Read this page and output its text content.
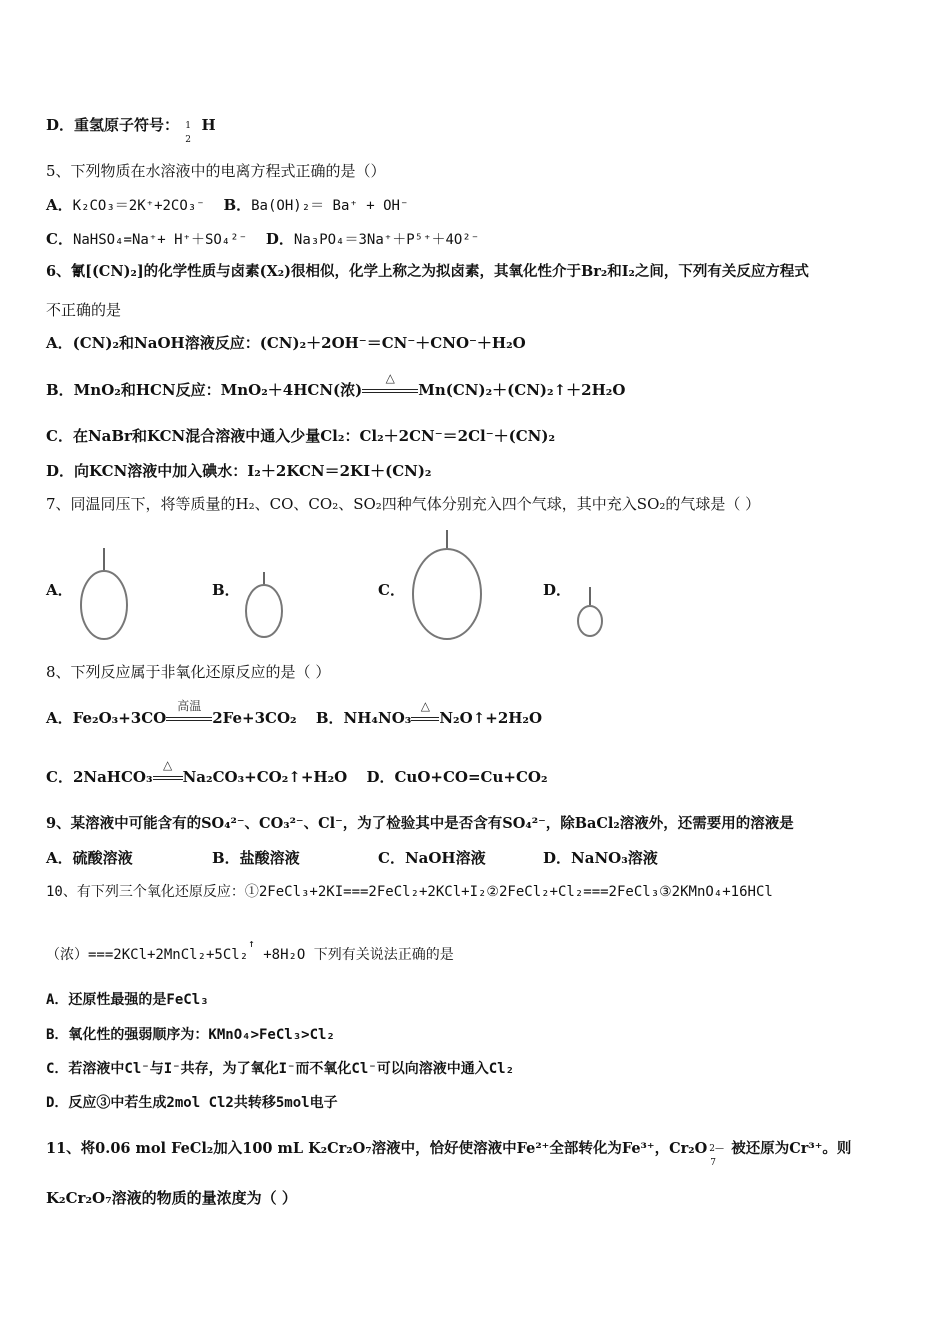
D．重氢原子符号： 1
2
H
5、下列物质在水溶液中的电离方程式正确的是（）
A．K₂CO₃＝2K⁺+2CO₃⁻ B．Ba(OH)₂＝ Ba⁺ + OH⁻
C．NaHSO₄=Na⁺+ H⁺＋SO₄²⁻ D．Na₃PO₄＝3Na⁺＋P⁵⁺＋4O²⁻
6、氰[(CN)₂]的化学性质与卤素(X₂)很相似，化学上称之为拟卤素，其氧化性介于Br₂和I₂之间，下列有关反应方程式
不正确的是
A．(CN)₂和NaOH溶液反应：(CN)₂＋2OH⁻＝CN⁻＋CNO⁻＋H₂O
B．MnO₂和HCN反应：MnO₂＋4HCN(浓)
△
Mn(CN)₂＋(CN)₂↑＋2H₂O
C．在NaBr和KCN混合溶液中通入少量Cl₂：Cl₂＋2CN⁻＝2Cl⁻＋(CN)₂
D．向KCN溶液中加入碘水：I₂＋2KCN＝2KI＋(CN)₂
7、同温同压下，将等质量的H₂、CO、CO₂、SO₂四种气体分别充入四个气球，其中充入SO₂的气球是（ ）
A．	B．	C．	D．
8、下列反应属于非氧化还原反应的是（ ）
A．Fe₂O₃+3CO
高温
2Fe+3CO₂ B．NH₄NO₃
△
N₂O↑+2H₂O
C．2NaHCO₃
△
Na₂CO₃+CO₂↑+H₂O D．CuO+CO=Cu+CO₂
9、某溶液中可能含有的SO₄²⁻、CO₃²⁻、Cl⁻，为了检验其中是否含有SO₄²⁻，除BaCl₂溶液外，还需要用的溶液是
A．硫酸溶液	B．盐酸溶液	C．NaOH溶液	D．NaNO₃溶液
10、有下列三个氧化还原反应：①2FeCl₃+2KI===2FeCl₂+2KCl+I₂②2FeCl₂+Cl₂===2FeCl₃③2KMnO₄+16HCl
（浓）===2KCl+2MnCl₂+5Cl₂↑ +8H₂O 下列有关说法正确的是
A．还原性最强的是FeCl₃
B．氧化性的强弱顺序为：KMnO₄>FeCl₃>Cl₂
C．若溶液中Cl⁻与I⁻共存，为了氧化I⁻而不氧化Cl⁻可以向溶液中通入Cl₂
D．反应③中若生成2mol Cl2共转移5mol电子
11、将0.06 mol FeCl₂加入100 mL K₂Cr₂O₇溶液中，恰好使溶液中Fe²⁺全部转化为Fe³⁺，Cr₂O 2—
7
被还原为Cr³⁺。则
K₂Cr₂O₇溶液的物质的量浓度为（ ）
